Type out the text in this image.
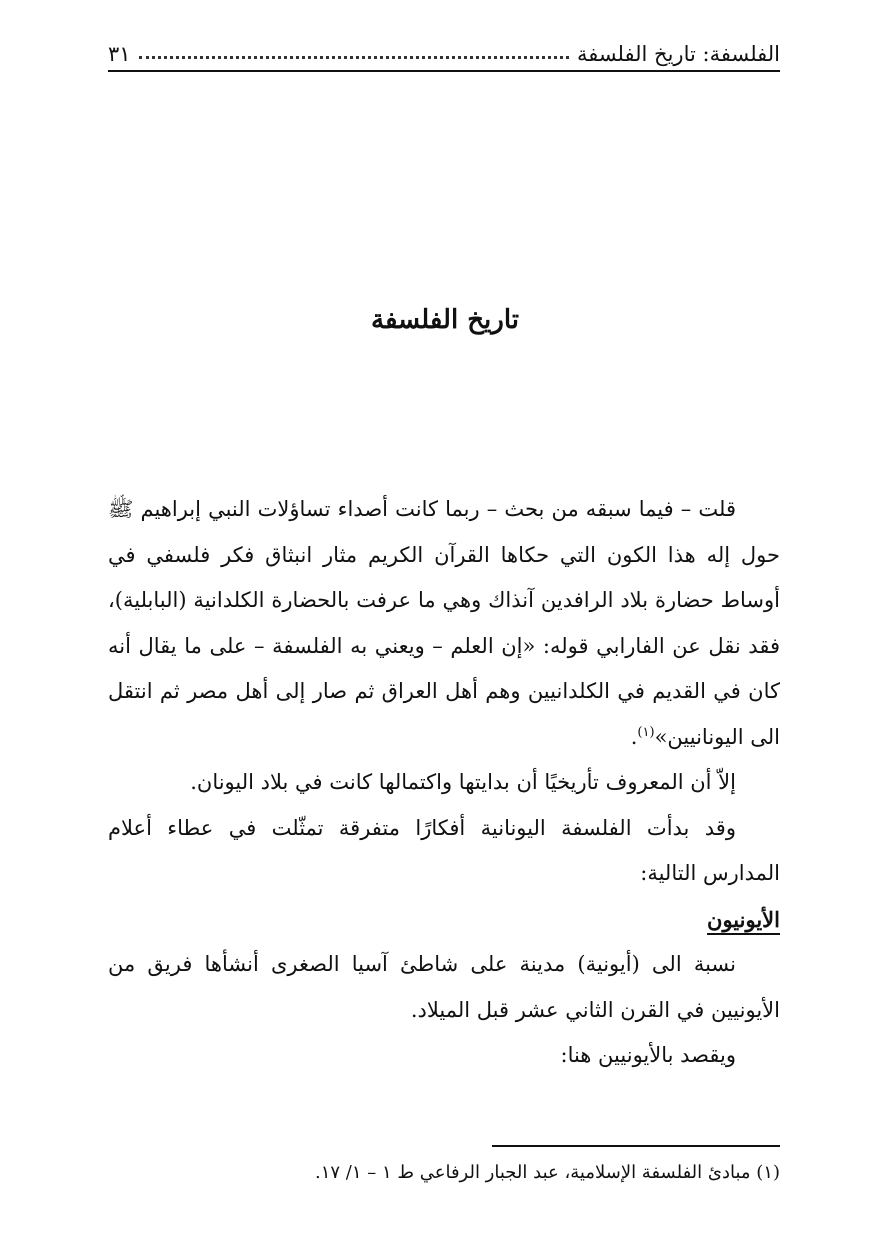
الفلسفة: تاريخ الفلسفة
٣١
تاريخ الفلسفة

قلت – فيما سبقه من بحث – ربما كانت أصداء تساؤلات النبي إبراهيم ﷺ حول إله هذا الكون التي حكاها القرآن الكريم مثار انبثاق فكر فلسفي في أوساط حضارة بلاد الرافدين آنذاك وهي ما عرفت بالحضارة الكلدانية (البابلية)، فقد نقل عن الفارابي قوله: «إن العلم – ويعني به الفلسفة – على ما يقال أنه كان في القديم في الكلدانيين وهم أهل العراق ثم صار إلى أهل مصر ثم انتقل الى اليونانيين»$^{(١)}$.

إلاّ أن المعروف تأريخيًا أن بدايتها واكتمالها كانت في بلاد اليونان.

وقد بدأت الفلسفة اليونانية أفكارًا متفرقة تمثّلت في عطاء أعلام المدارس التالية:

الأيونيون

نسبة الى (أيونية) مدينة على شاطئ آسيا الصغرى أنشأها فريق من الأيونيين في القرن الثاني عشر قبل الميلاد.

ويقصد بالأيونيين هنا:

(١) مبادئ الفلسفة الإسلامية، عبد الجبار الرفاعي ط ١ – ١/ ١٧.
